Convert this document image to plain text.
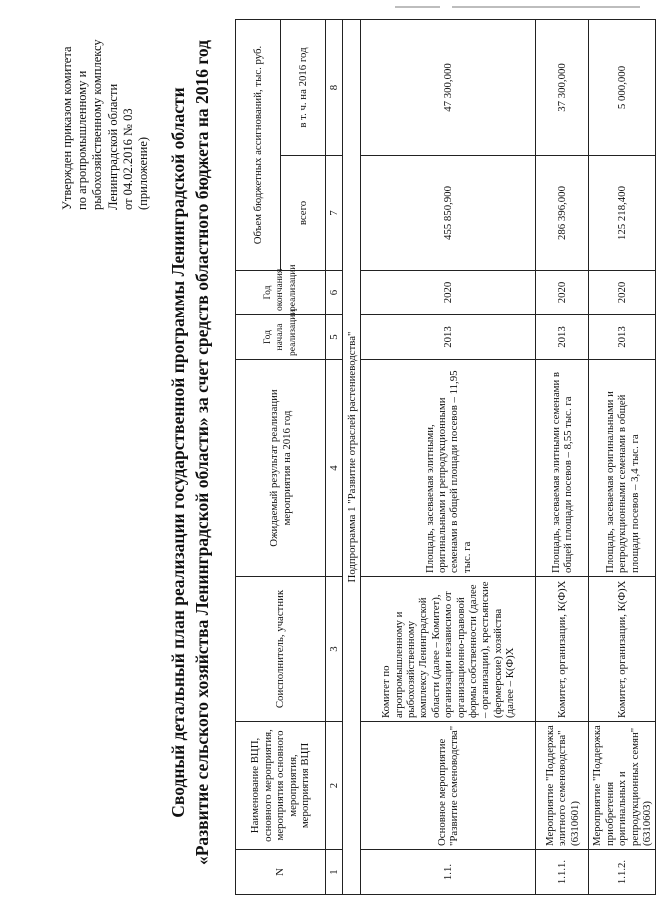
Утвержден приказом комитета по агропромышленному и рыбохозяйственному комплексу Ленинградской области от 04.02.2016 № 03 (приложение) Сводный детальный план реализации государственной программы Ленинградской области «Развитие сельского хозяйства Ленинградской области» за счет средств областного бюджета на 2016 год
N	Наименование ВЦП, основного мероприятия, мероприятия основного мероприятия, мероприятия ВЦП	Соисполнитель, участник	Ожидаемый результат реализации мероприятия на 2016 год	Год начала реализации	Год окончания реализации	Объем бюджетных ассигнований, тыс. руб.	
						всего	в т. ч. на 2016 год
1	2	3	4	5	6	7	8
Подпрограмма 1 "Развитие отраслей растениеводства"							
1.1.	Основное мероприятие "Развитие семеноводства"	Комитет по агропромышленному и рыбохозяйственному комплексу Ленинградской области (далее – Комитет), организации независимо от организационно-правовой формы собственности (далее – организации), крестьянские (фермерские) хозяйства (далее – К(Ф)Х	Площадь, засеваемая элитными, оригинальными и репродукционными семенами в общей площади посевов – 11,95 тыс. га	2013	2020	455 850,900	47 300,000
1.1.1.	Мероприятие "Поддержка элитного семеноводства" (6310601)	Комитет, организации, К(Ф)Х	Площадь, засеваемая элитными семенами в общей площади посевов – 8,55 тыс. га	2013	2020	286 396,000	37 300,000
1.1.2.	Мероприятие "Поддержка приобретения оригинальных и репродукционных семян" (6310603)	Комитет, организации, К(Ф)Х	Площадь, засеваемая оригинальными и репродукционными семенами в общей площади посевов – 3,4 тыс. га	2013	2020	125 218,400	5 000,000
